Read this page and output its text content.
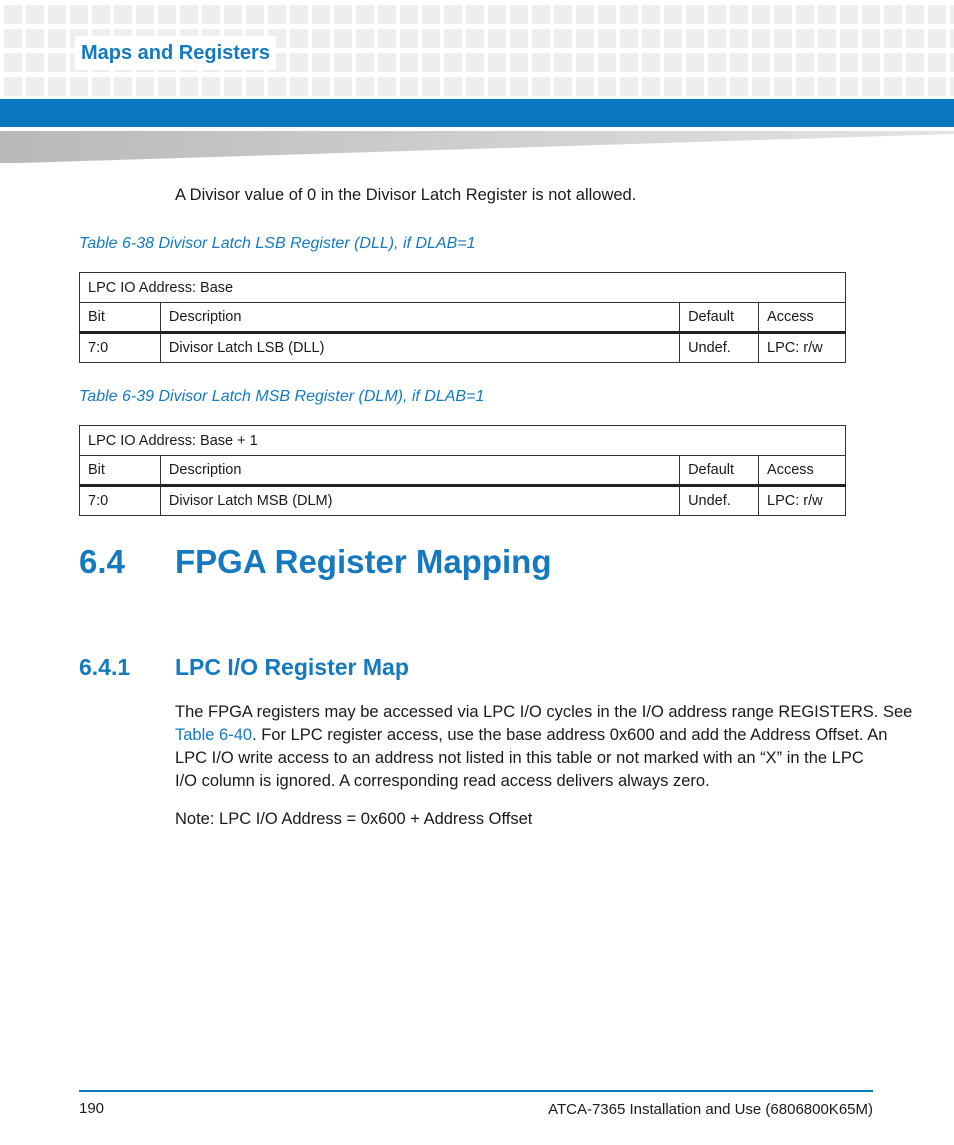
Maps and Registers
A Divisor value of 0 in the Divisor Latch Register is not allowed.
Table 6-38 Divisor Latch LSB Register (DLL), if DLAB=1
LPC IO Address: Base			
Bit	Description	Default	Access
7:0	Divisor Latch LSB (DLL)	Undef.	LPC: r/w
Table 6-39 Divisor Latch MSB Register (DLM), if DLAB=1
LPC IO Address: Base + 1			
Bit	Description	Default	Access
7:0	Divisor Latch MSB (DLM)	Undef.	LPC: r/w
6.4 FPGA Register Mapping
6.4.1 LPC I/O Register Map
The FPGA registers may be accessed via LPC I/O cycles in the I/O address range REGISTERS. See
Table 6-40. For LPC register access, use the base address 0x600 and add the Address Offset. An
LPC I/O write access to an address not listed in this table or not marked with an “X” in the LPC
I/O column is ignored. A corresponding read access delivers always zero.
Note: LPC I/O Address = 0x600 + Address Offset
190	ATCA-7365 Installation and Use (6806800K65M)
